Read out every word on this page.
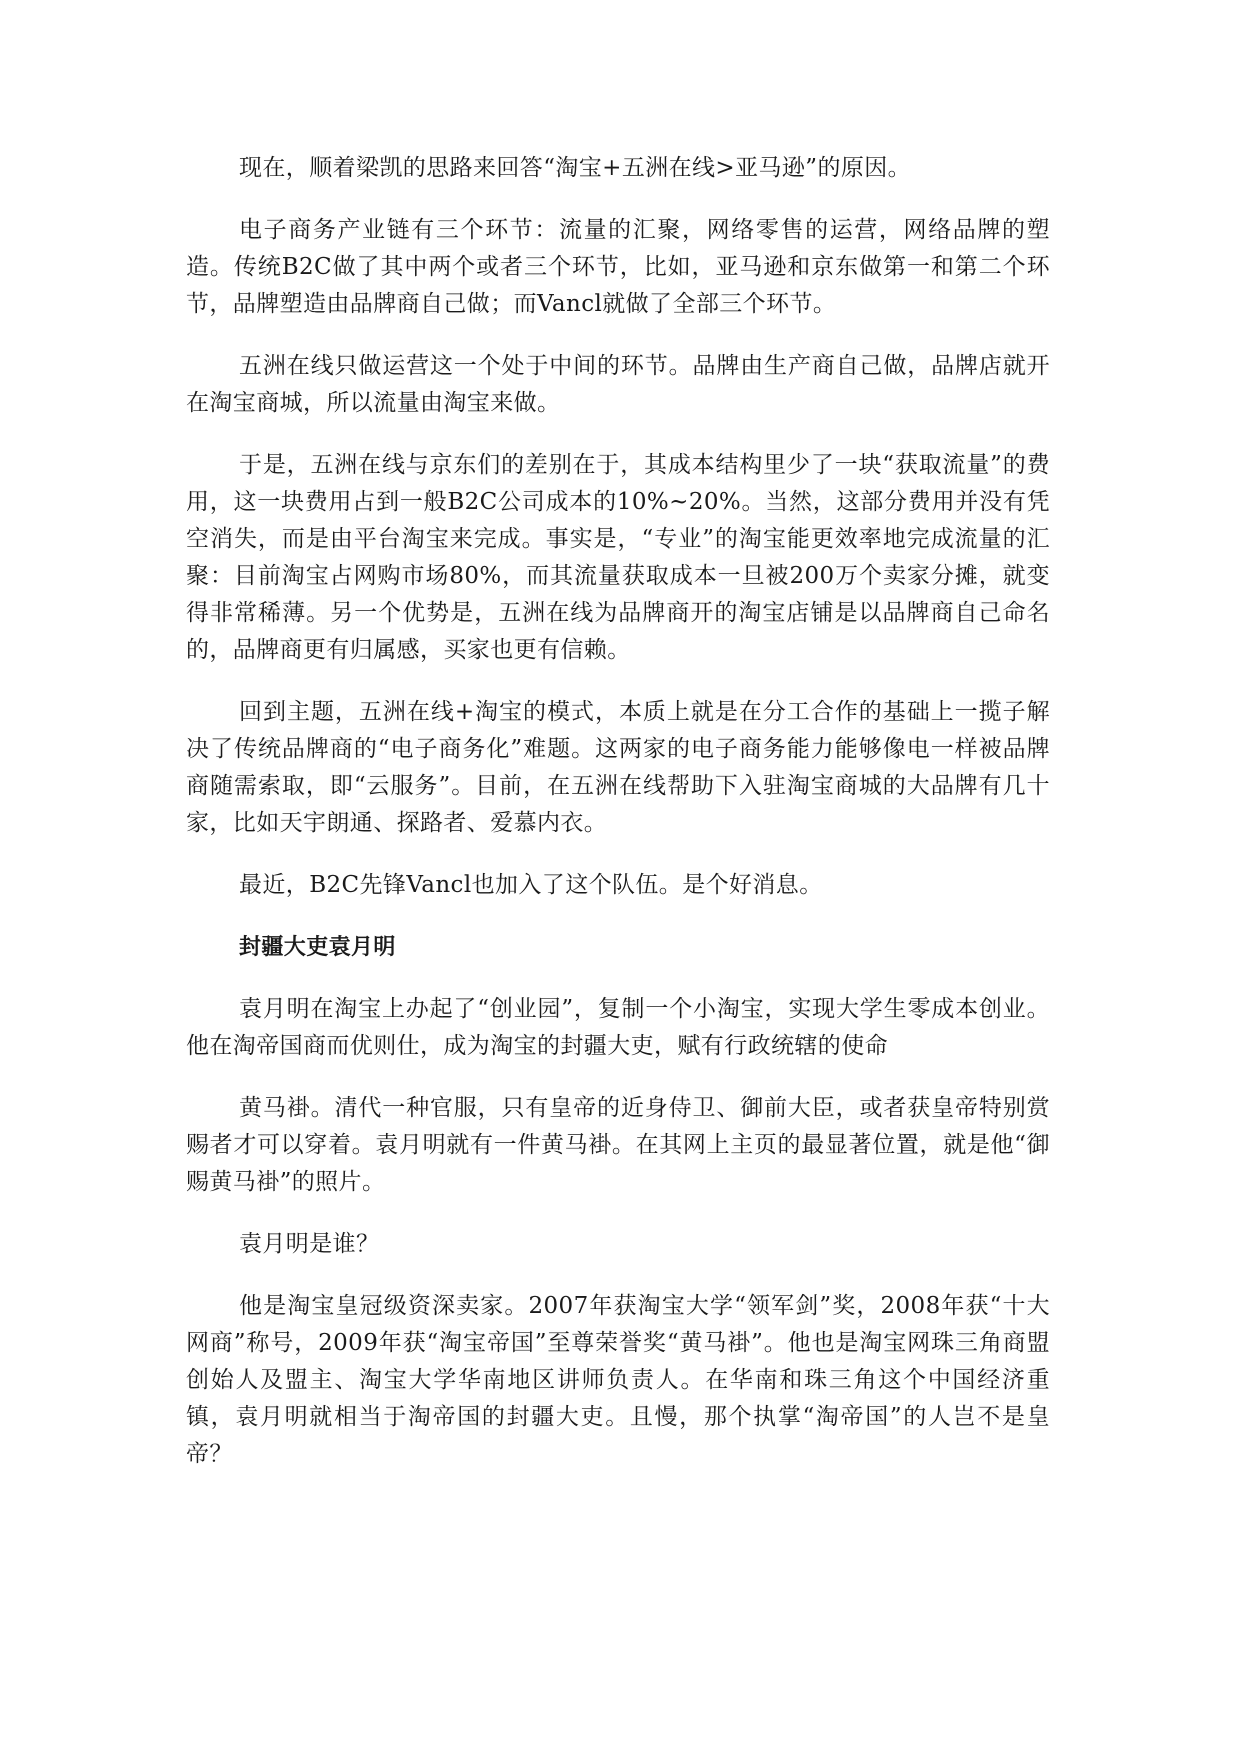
现在，顺着梁凯的思路来回答“淘宝+五洲在线>亚马逊”的原因。

电子商务产业链有三个环节：流量的汇聚，网络零售的运营，网络品牌的塑造。传统B2C做了其中两个或者三个环节，比如，亚马逊和京东做第一和第二个环节，品牌塑造由品牌商自己做；而Vancl就做了全部三个环节。

五洲在线只做运营这一个处于中间的环节。品牌由生产商自己做，品牌店就开在淘宝商城，所以流量由淘宝来做。

于是，五洲在线与京东们的差别在于，其成本结构里少了一块“获取流量”的费用，这一块费用占到一般B2C公司成本的10%~20%。当然，这部分费用并没有凭空消失，而是由平台淘宝来完成。事实是，“专业”的淘宝能更效率地完成流量的汇聚：目前淘宝占网购市场80%，而其流量获取成本一旦被200万个卖家分摊，就变得非常稀薄。另一个优势是，五洲在线为品牌商开的淘宝店铺是以品牌商自己命名的，品牌商更有归属感，买家也更有信赖。

回到主题，五洲在线+淘宝的模式，本质上就是在分工合作的基础上一揽子解决了传统品牌商的“电子商务化”难题。这两家的电子商务能力能够像电一样被品牌商随需索取，即“云服务”。目前，在五洲在线帮助下入驻淘宝商城的大品牌有几十家，比如天宇朗通、探路者、爱慕内衣。

最近，B2C先锋Vancl也加入了这个队伍。是个好消息。

封疆大吏袁月明

袁月明在淘宝上办起了“创业园”，复制一个小淘宝，实现大学生零成本创业。他在淘帝国商而优则仕，成为淘宝的封疆大吏，赋有行政统辖的使命

黄马褂。清代一种官服，只有皇帝的近身侍卫、御前大臣，或者获皇帝特别赏赐者才可以穿着。袁月明就有一件黄马褂。在其网上主页的最显著位置，就是他“御赐黄马褂”的照片。

袁月明是谁？

他是淘宝皇冠级资深卖家。2007年获淘宝大学“领军剑”奖，2008年获“十大网商”称号，2009年获“淘宝帝国”至尊荣誉奖“黄马褂”。他也是淘宝网珠三角商盟创始人及盟主、淘宝大学华南地区讲师负责人。在华南和珠三角这个中国经济重镇，袁月明就相当于淘帝国的封疆大吏。且慢，那个执掌“淘帝国”的人岂不是皇帝？
